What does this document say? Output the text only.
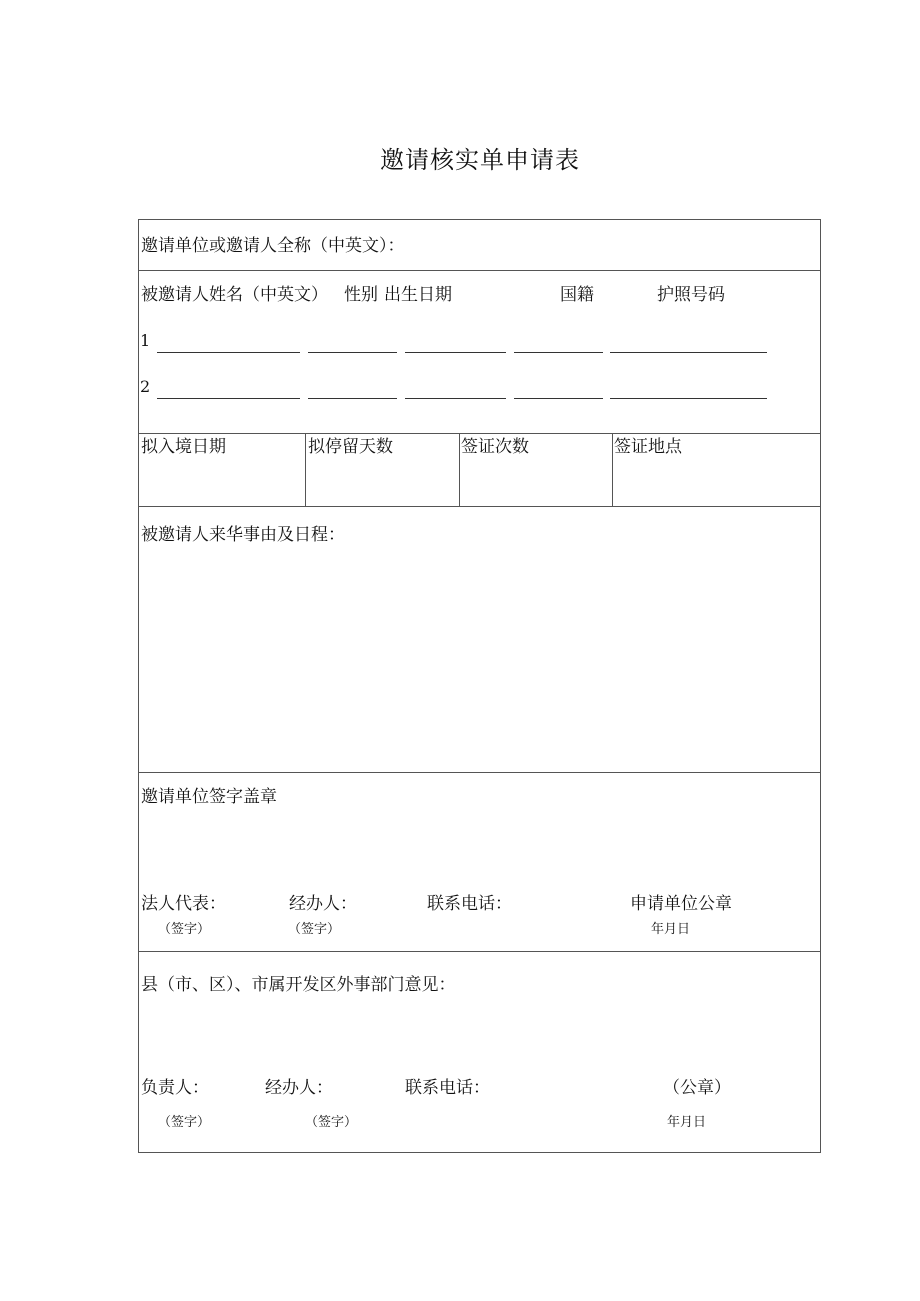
邀请核实单申请表
邀请单位或邀请人全称（中英文）：
被邀请人姓名（中英文） 性别 出生日期	国籍	护照号码
1
2
拟入境日期	拟停留天数	签证次数	签证地点
被邀请人来华事由及日程：
邀请单位签字盖章
法人代表：	经办人：	联系电话：	申请单位公章
（签字）	（签字）	年月日
县（市、区）、市属开发区外事部门意见：
负责人：	经办人：	联系电话：	（公章）
（签字）	（签字）	年月日
